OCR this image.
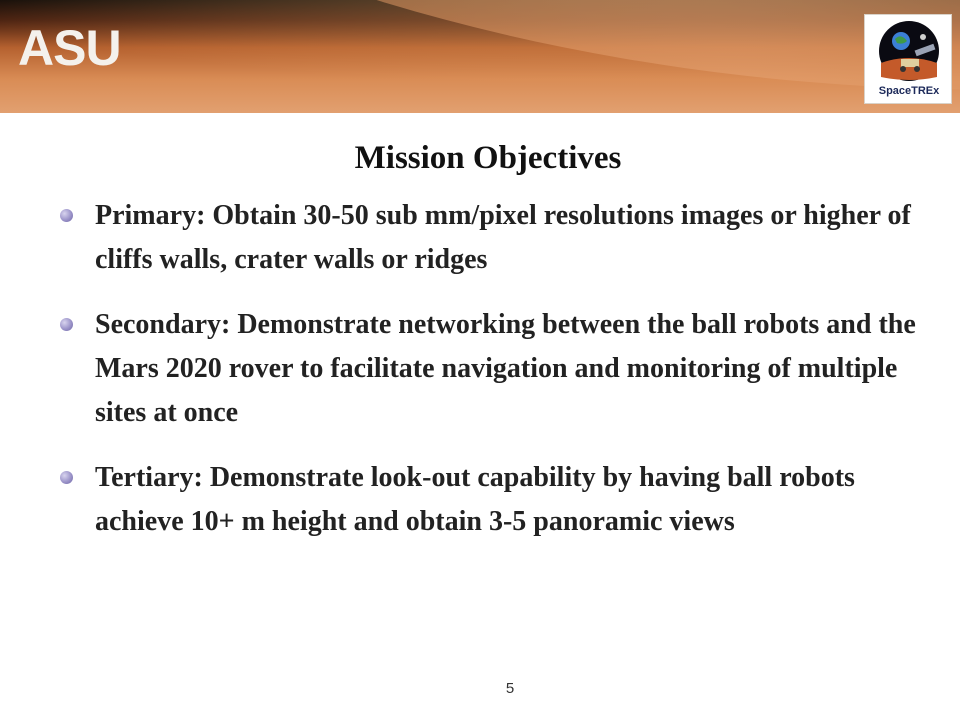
ASU
SpaceTREx
Mission Objectives
Primary: Obtain 30-50 sub mm/pixel resolutions images or higher of cliffs walls, crater walls or ridges
Secondary: Demonstrate networking between the ball robots and the Mars 2020 rover to facilitate navigation and monitoring of multiple sites at once
Tertiary: Demonstrate look-out capability by having ball robots achieve 10+ m height and obtain 3-5 panoramic views
5
